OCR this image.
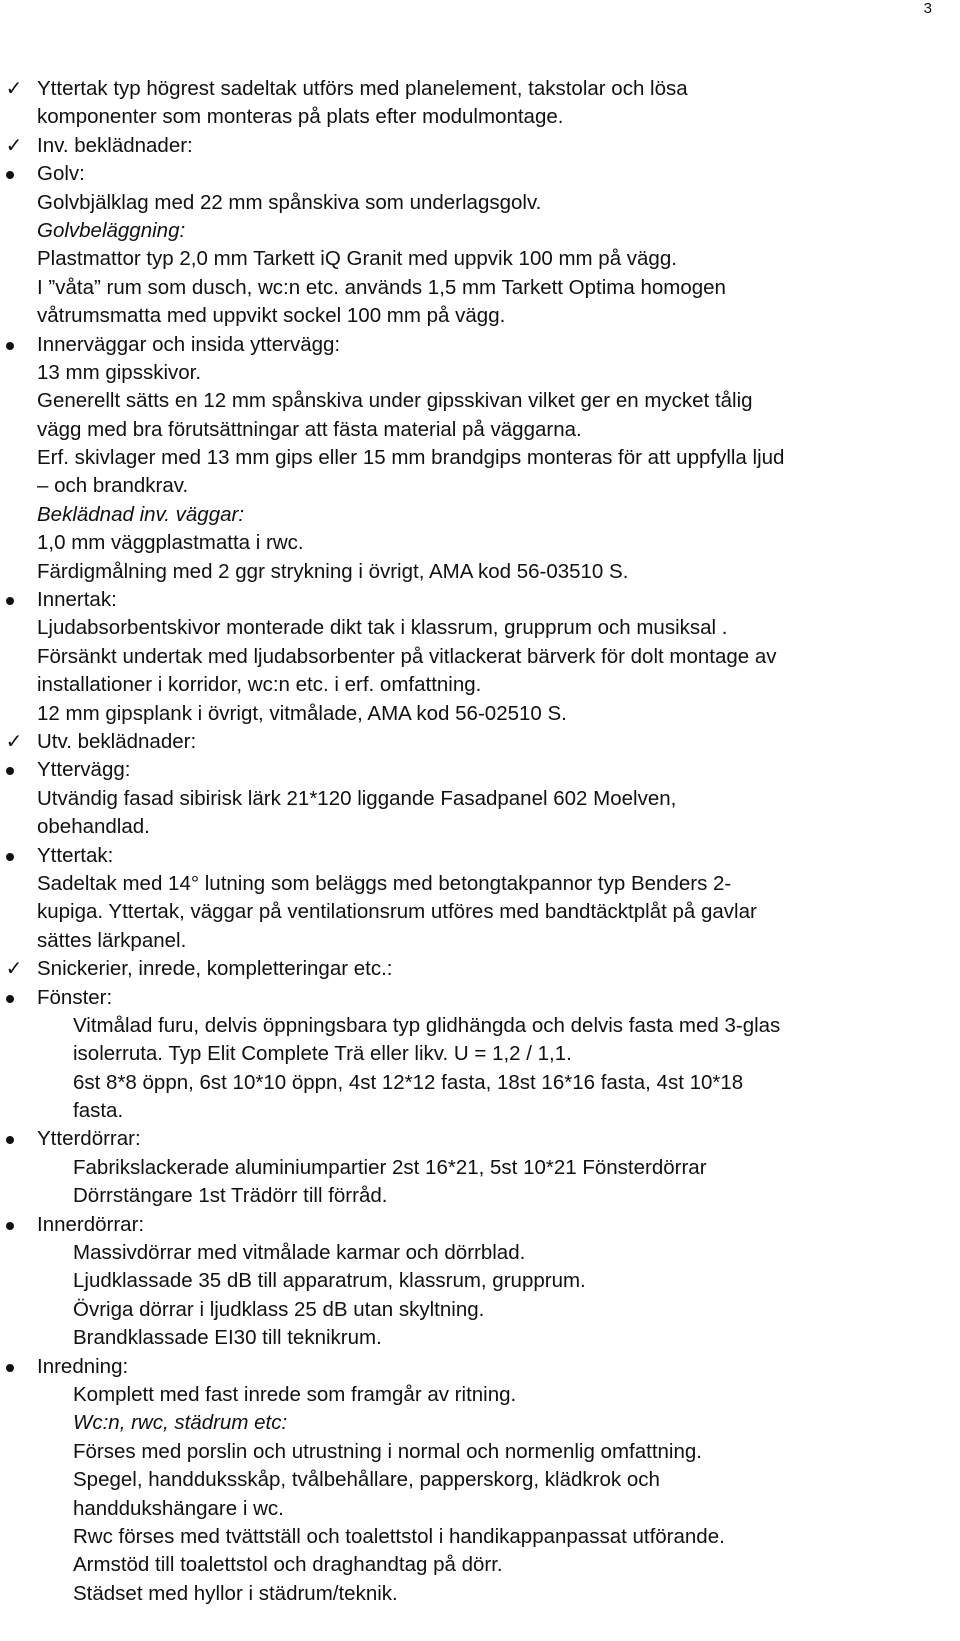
3
✓ Yttertak typ högrest sadeltak utförs med planelement, takstolar och lösa
komponenter som monteras på plats efter modulmontage.
✓ Inv. beklädnader:
Golv:
Golvbjälklag med 22 mm spånskiva som underlagsgolv.
Golvbeläggning:
Plastmattor typ 2,0 mm Tarkett iQ Granit med uppvik 100 mm på vägg.
I ”våta” rum som dusch, wc:n etc. används 1,5 mm Tarkett Optima homogen
våtrumsmatta med uppvikt sockel 100 mm på vägg.
Innerväggar och insida yttervägg:
13 mm gipsskivor.
Generellt sätts en 12 mm spånskiva under gipsskivan vilket ger en mycket tålig
vägg med bra förutsättningar att fästa material på väggarna.
Erf. skivlager med 13 mm gips eller 15 mm brandgips monteras för att uppfylla ljud
– och brandkrav.
Beklädnad inv. väggar:
1,0 mm väggplastmatta i rwc.
Färdigmålning med 2 ggr strykning i övrigt, AMA kod 56-03510 S.
Innertak:
Ljudabsorbentskivor monterade dikt tak i klassrum, grupprum och musiksal .
Försänkt undertak med ljudabsorbenter på vitlackerat bärverk för dolt montage av
installationer i korridor, wc:n etc. i erf. omfattning.
12 mm gipsplank i övrigt, vitmålade, AMA kod 56-02510 S.
✓ Utv. beklädnader:
Yttervägg:
Utvändig fasad sibirisk lärk 21*120 liggande Fasadpanel 602 Moelven,
obehandlad.
Yttertak:
Sadeltak med 14° lutning som beläggs med betongtakpannor typ Benders 2-
kupiga. Yttertak, väggar på ventilationsrum utföres med bandtäcktplåt på gavlar
sättes lärkpanel.
✓ Snickerier, inrede, kompletteringar etc.:
Fönster:
Vitmålad furu, delvis öppningsbara typ glidhängda och delvis fasta med 3-glas
isolerruta. Typ Elit Complete Trä eller likv. U = 1,2 / 1,1.
6st 8*8 öppn, 6st 10*10 öppn, 4st 12*12 fasta, 18st 16*16 fasta, 4st 10*18
fasta.
Ytterdörrar:
Fabrikslackerade aluminiumpartier 2st 16*21, 5st 10*21 Fönsterdörrar
Dörrstängare 1st Trädörr till förråd.
Innerdörrar:
Massivdörrar med vitmålade karmar och dörrblad.
Ljudklassade 35 dB till apparatrum, klassrum, grupprum.
Övriga dörrar i ljudklass 25 dB utan skyltning.
Brandklassade EI30 till teknikrum.
Inredning:
Komplett med fast inrede som framgår av ritning.
Wc:n, rwc, städrum etc:
Förses med porslin och utrustning i normal och normenlig omfattning.
Spegel, handduksskåp, tvålbehållare, papperskorg, klädkrok och
handdukshängare i wc.
Rwc förses med tvättställ och toalettstol i handikappanpassat utförande.
Armstöd till toalettstol och draghandtag på dörr.
Städset med hyllor i städrum/teknik.
